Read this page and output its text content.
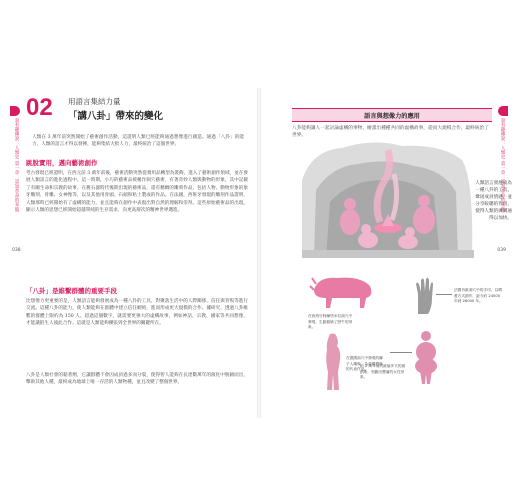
超有趣傳說：人類史‧第一章：認知革命的來臨
038
02 用語言集結力量
「講八卦」帶來的變化
人類在 3 萬年前突然開始了藝術創作活動，這證明人類已經能夠通過想像進行創造。通過「八卦」的能力，人類的語言才得以發揮，能夠集結大批人力，最終統治了這個世界。
跳脫實用，邁向藝術創作
考古發現已經證明，在西元前 3 萬年前後，藝術活動突然從實用品轉型為裝飾，進入了藝術創作領域，並在發展人類語言的進化過程中。這一時期，小巧的藝術品被稱作洞穴藝術，有著奇妙人類與動物的形象，其中記載了有關生命和宗教的故事。在舊石器時代後期出現的藝術品，還有精緻的雕刻作品，包括人物、動物形象的象牙雕刻、骨雕、女神像等，以及其他用骨頭、石頭和粘土製成的作品。在法國，西班牙發現的雕刻作品證明，人類那時已經開始有了虛構的能力，並且能夠在創作中表現出對自然的理解和崇拜。這些原始藝術品的出現，顯示人類的思想已經開始超越單純的生存需求，向更高層次的精神世界邁進。
「八卦」是維繫群體的重要手段
比想像力更重要的是，人類語言能夠發展成為一種八卦的工具，對聚落生活中的人際關係、信任與背叛等進行交流。這種八卦的能力，使人類能夠在群體中建立信任網絡，進而形成更大規模的合作。據研究，透過八卦維繫的群體上限約為 150 人。超過這個數字，就需要更強大的虛構故事，例如神話、宗教、國家等共同想像，才能讓陌生人彼此合作。這就是人類能夠擴張到全世界的關鍵所在。
八卦是人類社會的黏著劑，它讓群體不會因成員過多而分裂，使得智人能夠在長達數萬年的演化中脫穎而出，擊敗其他人種，最終成為地球上唯一存活的人類物種，並且改變了整個世界。
超有趣傳說：人類史‧第一章：認知革命的來臨
039
語言與想像力的應用
八卦能夠讓人一起討論虛構的事物，繪畫出種種共同的虛構故事，從而大規模合作，最終統治了世界。
人類語言發展成為一種八卦的工具，鞏固成員情感，並分享較聰的作用，使得人類的廣溝通得以加快。
在西班牙阿爾塔米拉洞穴中發現，生動描繪了野牛的形象。
法國肖維洞穴中的手印，以噴畫方式創作，距今約 24000 年到 26000 年。
在德國洞穴中發現的獅子人雕像，為虛構想像的代表作品。
約 2 萬年前的維倫多夫的維納斯，刻劃出豐滿的女性形象。
